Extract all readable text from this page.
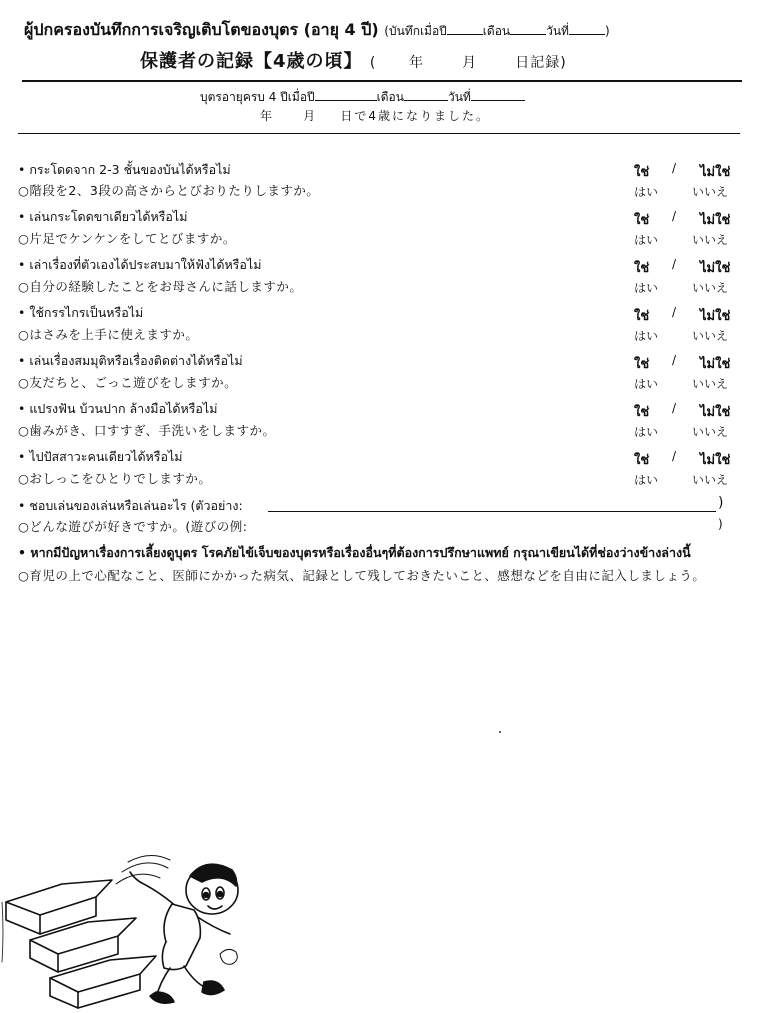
ผู้ปกครองบันทึกการเจริญเติบโตของบุตร (อายุ 4 ปี) (บันทึกเมื่อปี	เดือน	วันที่	)
保護者の記録【4歳の頃】 ( 年	月	日記録)
บุตรอายุครบ 4 ปีเมื่อปี	เดือน	วันที่
年 月 日で4歳になりました。
• กระโดดจาก 2-3 ชั้นของบันได้หรือไม่
○階段を2、3段の高さからとびおりたりしますか。
ใช่ / ไม่ใช่
はい	いいえ
• เล่นกระโดดขาเดียวได้หรือไม่
○片足でケンケンをしてとびますか。
ใช่ / ไม่ใช่
はい	いいえ
• เล่าเรื่องที่ตัวเองได้ประสบมาให้ฟังได้หรือไม่
○自分の経験したことをお母さんに話しますか。
ใช่ / ไม่ใช่
はい	いいえ
• ใช้กรรไกรเป็นหรือไม่
○はさみを上手に使えますか。
ใช่ / ไม่ใช่
はい	いいえ
• เล่นเรื่องสมมุติหรือเรื่องติดต่างได้หรือไม่
○友だちと、ごっこ遊びをしますか。
ใช่ / ไม่ใช่
はい	いいえ
• แปรงฟัน บ้วนปาก ล้างมือได้หรือไม่
○歯みがき、口すすぎ、手洗いをしますか。
ใช่ / ไม่ใช่
はい	いいえ
• ไปปัสสาวะคนเดียวได้หรือไม่
○おしっこをひとりでしますか。
ใช่ / ไม่ใช่
はい	いいえ
• ชอบเล่นของเล่นหรือเล่นอะไร (ตัวอย่าง:	)
○どんな遊びが好きですか。(遊びの例:	)
• หากมีปัญหาเรื่องการเลี้ยงดูบุตร โรคภัยไข้เจ็บของบุตรหรือเรื่องอื่นๆที่ต้องการปรึกษาแพทย์ กรุณาเขียนได้ที่ช่องว่างข้างล่างนี้
○育児の上で心配なこと、医師にかかった病気、記録として残しておきたいこと、感想などを自由に記入しましょう。
